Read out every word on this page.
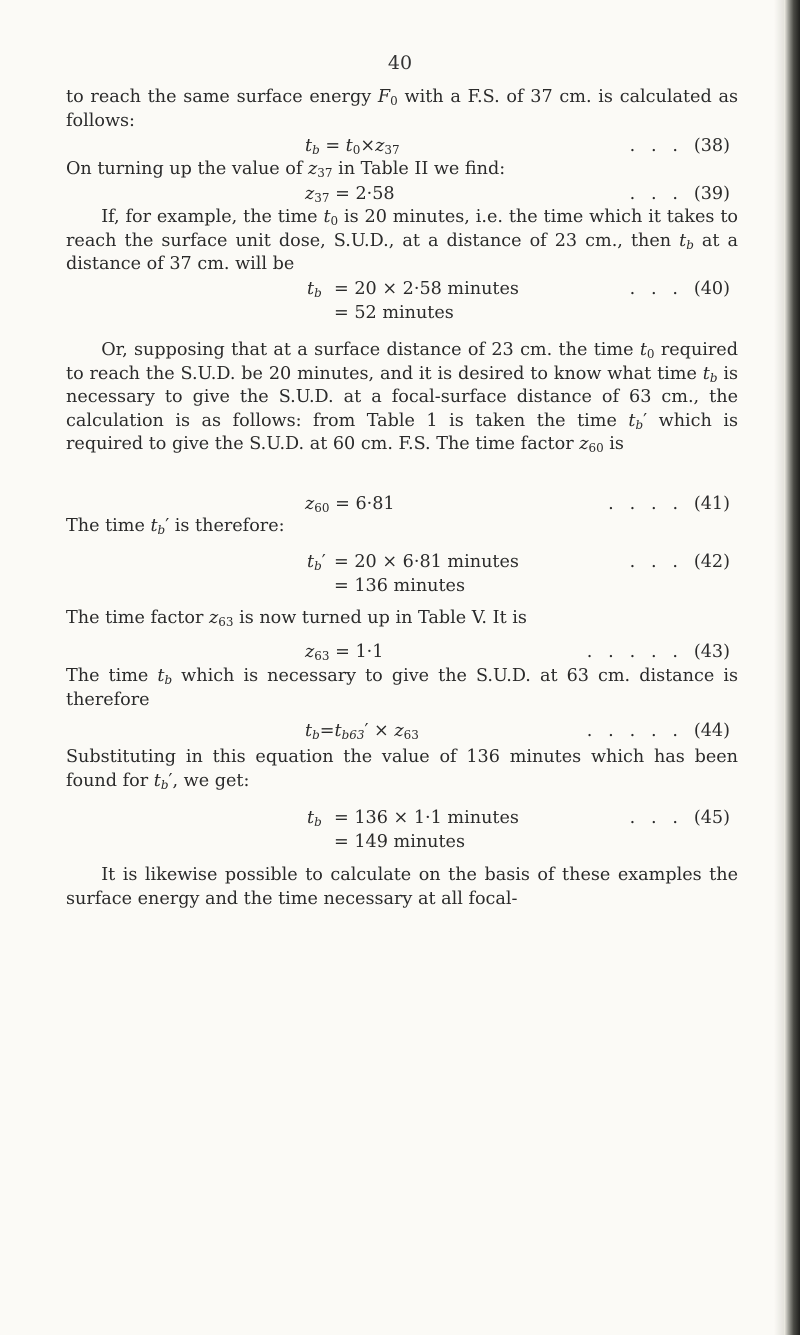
40

to reach the same surface energy $F_0$ with a F.S. of 37 cm. is calculated as follows:

$t_b = t_0\times z_{37}$	...(38)

On turning up the value of $z_{37}$ in Table II we find:

$z_{37} = 2\cdot 58$	...(39)

If, for example, the time $t_0$ is 20 minutes, i.e. the time which it takes to reach the surface unit dose, S.U.D., at a distance of 23 cm., then $t_b$ at a distance of 37 cm. will be

$t_b = 20 \times 2\cdot 58$ minutes	...(40)
= 52 minutes

Or, supposing that at a surface distance of 23 cm. the time $t_0$ required to reach the S.U.D. be 20 minutes, and it is desired to know what time $t_b$ is necessary to give the S.U.D. at a focal-surface distance of 63 cm., the calculation is as follows: from Table 1 is taken the time $t_b'$ which is required to give the S.U.D. at 60 cm. F.S. The time factor $z_{60}$ is

$z_{60} = 6\cdot 81$	....(41)

The time $t_b'$ is therefore:

$t_b' = 20 \times 6\cdot 81$ minutes	...(42)
= 136 minutes

The time factor $z_{63}$ is now turned up in Table V. It is

$z_{63} = 1\cdot 1$	.....(43)

The time $t_b$ which is necessary to give the S.U.D. at 63 cm. distance is therefore

$t_b=t_{b63}' \times z_{63}$	.....(44)

Substituting in this equation the value of 136 minutes which has been found for $t_b'$, we get:

$t_b = 136 \times 1\cdot 1$ minutes	...(45)
= 149 minutes

It is likewise possible to calculate on the basis of these examples the surface energy and the time necessary at all focal-
